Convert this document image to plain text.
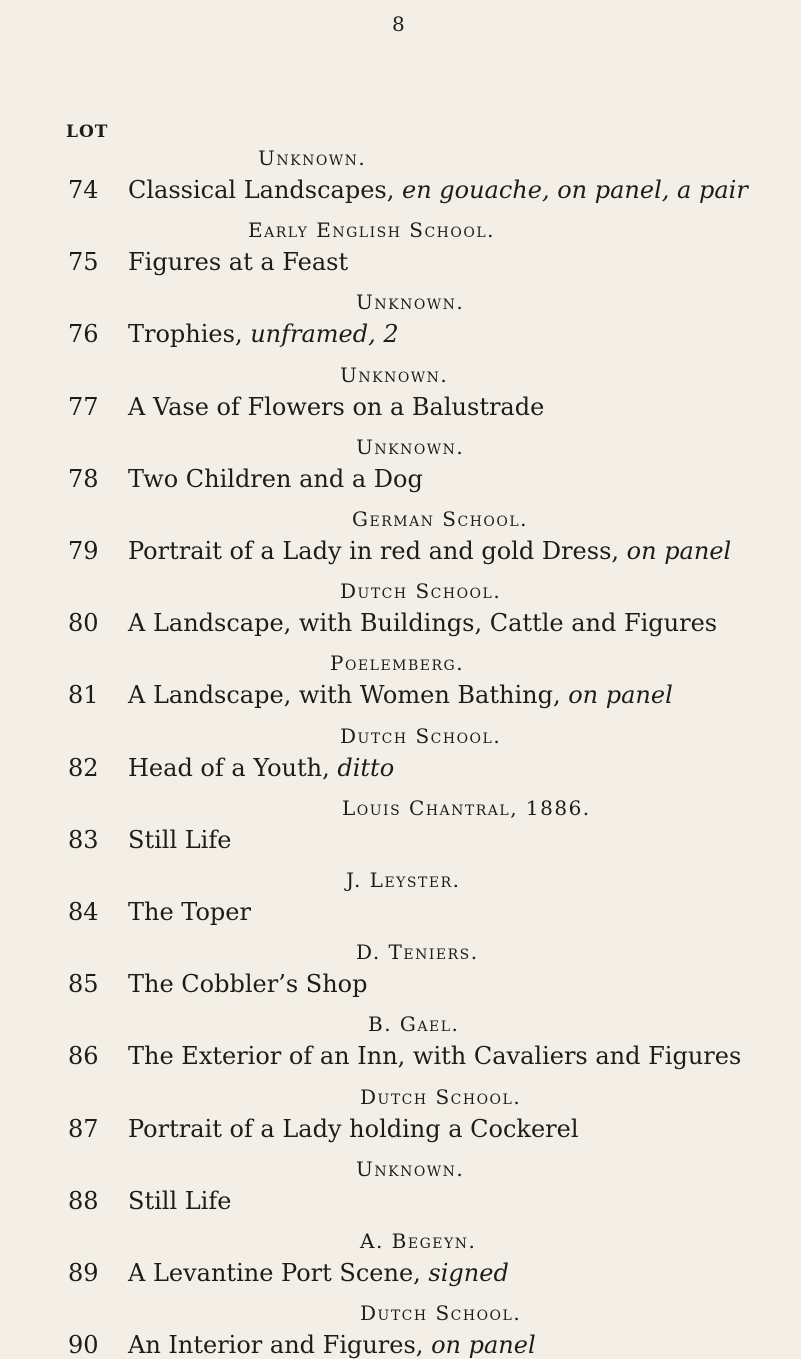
8
LOT
Unknown.
74	Classical Landscapes, en gouache, on panel, a pair
Early English School.
75	Figures at a Feast
Unknown.
76	Trophies, unframed, 2
Unknown.
77	A Vase of Flowers on a Balustrade
Unknown.
78	Two Children and a Dog
German School.
79	Portrait of a Lady in red and gold Dress, on panel
Dutch School.
80	A Landscape, with Buildings, Cattle and Figures
Poelemberg.
81	A Landscape, with Women Bathing, on panel
Dutch School.
82	Head of a Youth, ditto
Louis Chantral, 1886.
83	Still Life
J. Leyster.
84	The Toper
D. Teniers.
85	The Cobbler’s Shop
B. Gael.
86	The Exterior of an Inn, with Cavaliers and Figures
Dutch School.
87	Portrait of a Lady holding a Cockerel
Unknown.
88	Still Life
A. Begeyn.
89	A Levantine Port Scene, signed
Dutch School.
90	An Interior and Figures, on panel
